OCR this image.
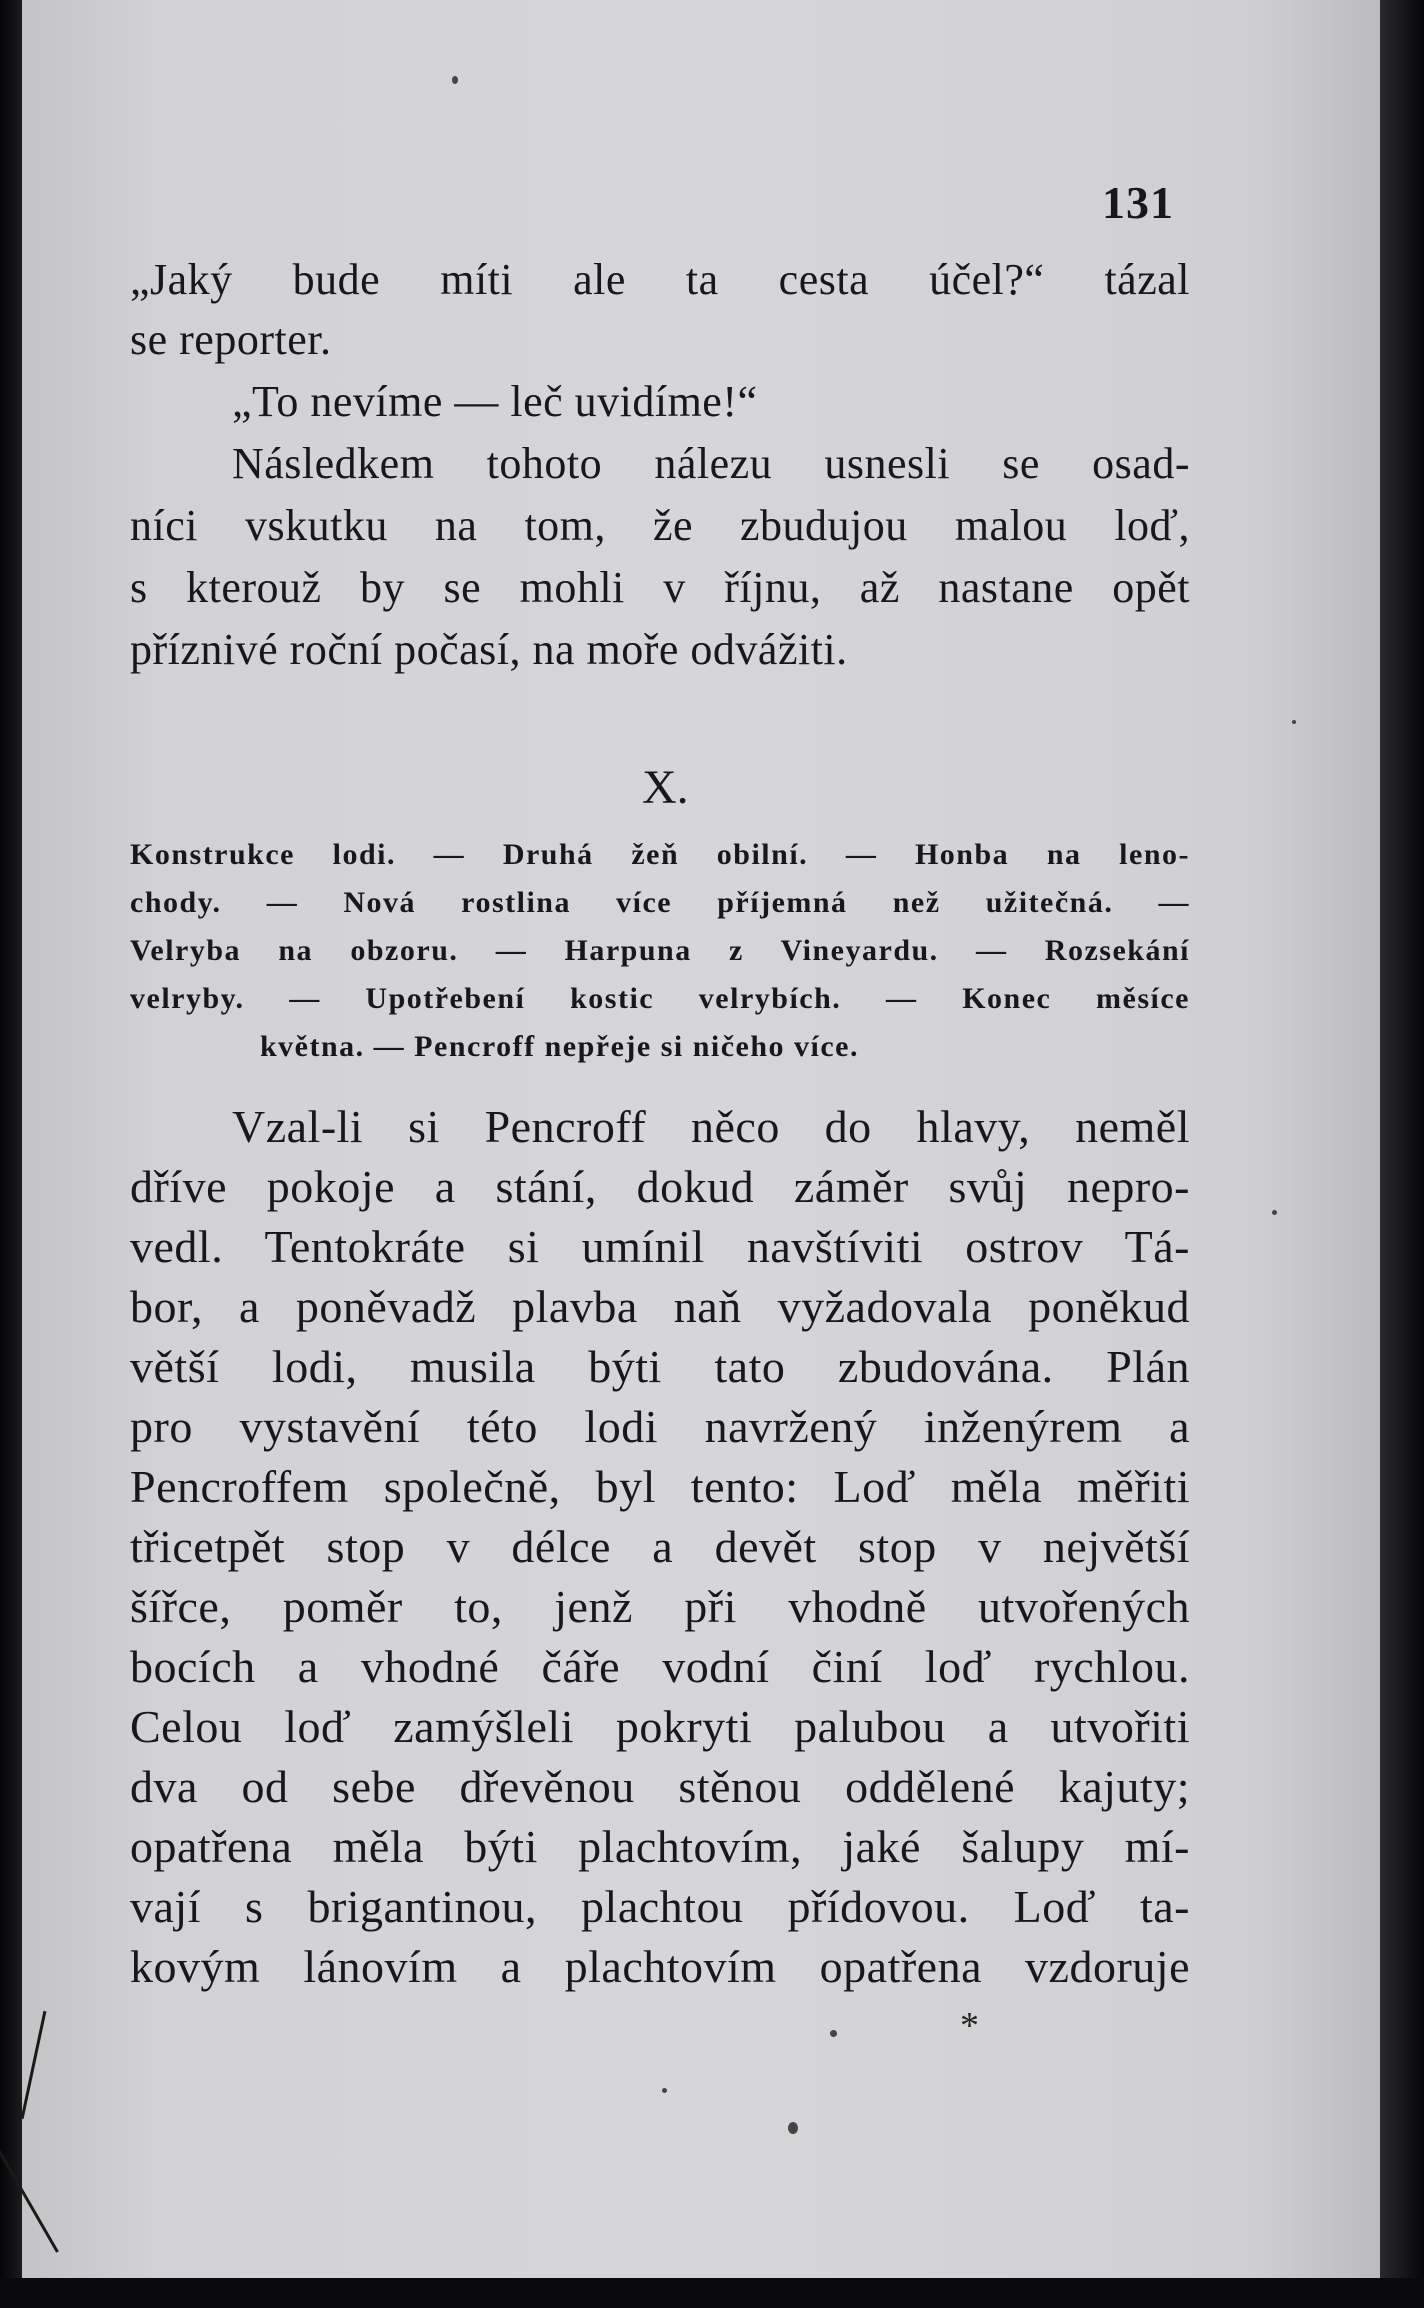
131
„Jaký bude míti ale ta cesta účel?“ tázal
se reporter.
„To nevíme — leč uvidíme!“
Následkem tohoto nálezu usnesli se osad-
níci vskutku na tom, že zbudujou malou loď,
s kterouž by se mohli v říjnu, až nastane opět
příznivé roční počasí, na moře odvážiti.
X.
Konstrukce lodi. — Druhá žeň obilní. — Honba na leno-
chody. — Nová rostlina více příjemná než užitečná. —
Velryba na obzoru. — Harpuna z Vineyardu. — Rozsekání
velryby. — Upotřebení kostic velrybích. — Konec měsíce
května. — Pencroff nepřeje si ničeho více.
Vzal-li si Pencroff něco do hlavy, neměl
dříve pokoje a stání, dokud záměr svůj nepro-
vedl. Tentokráte si umínil navštíviti ostrov Tá-
bor, a poněvadž plavba naň vyžadovala poněkud
větší lodi, musila býti tato zbudována. Plán
pro vystavění této lodi navržený inženýrem a
Pencroffem společně, byl tento: Loď měla měřiti
třicetpět stop v délce a devět stop v největší
šířce, poměr to, jenž při vhodně utvořených
bocích a vhodné čáře vodní činí loď rychlou.
Celou loď zamýšleli pokryti palubou a utvořiti
dva od sebe dřevěnou stěnou oddělené kajuty;
opatřena měla býti plachtovím, jaké šalupy mí-
vají s brigantinou, plachtou přídovou. Loď ta-
kovým lánovím a plachtovím opatřena vzdoruje
*
